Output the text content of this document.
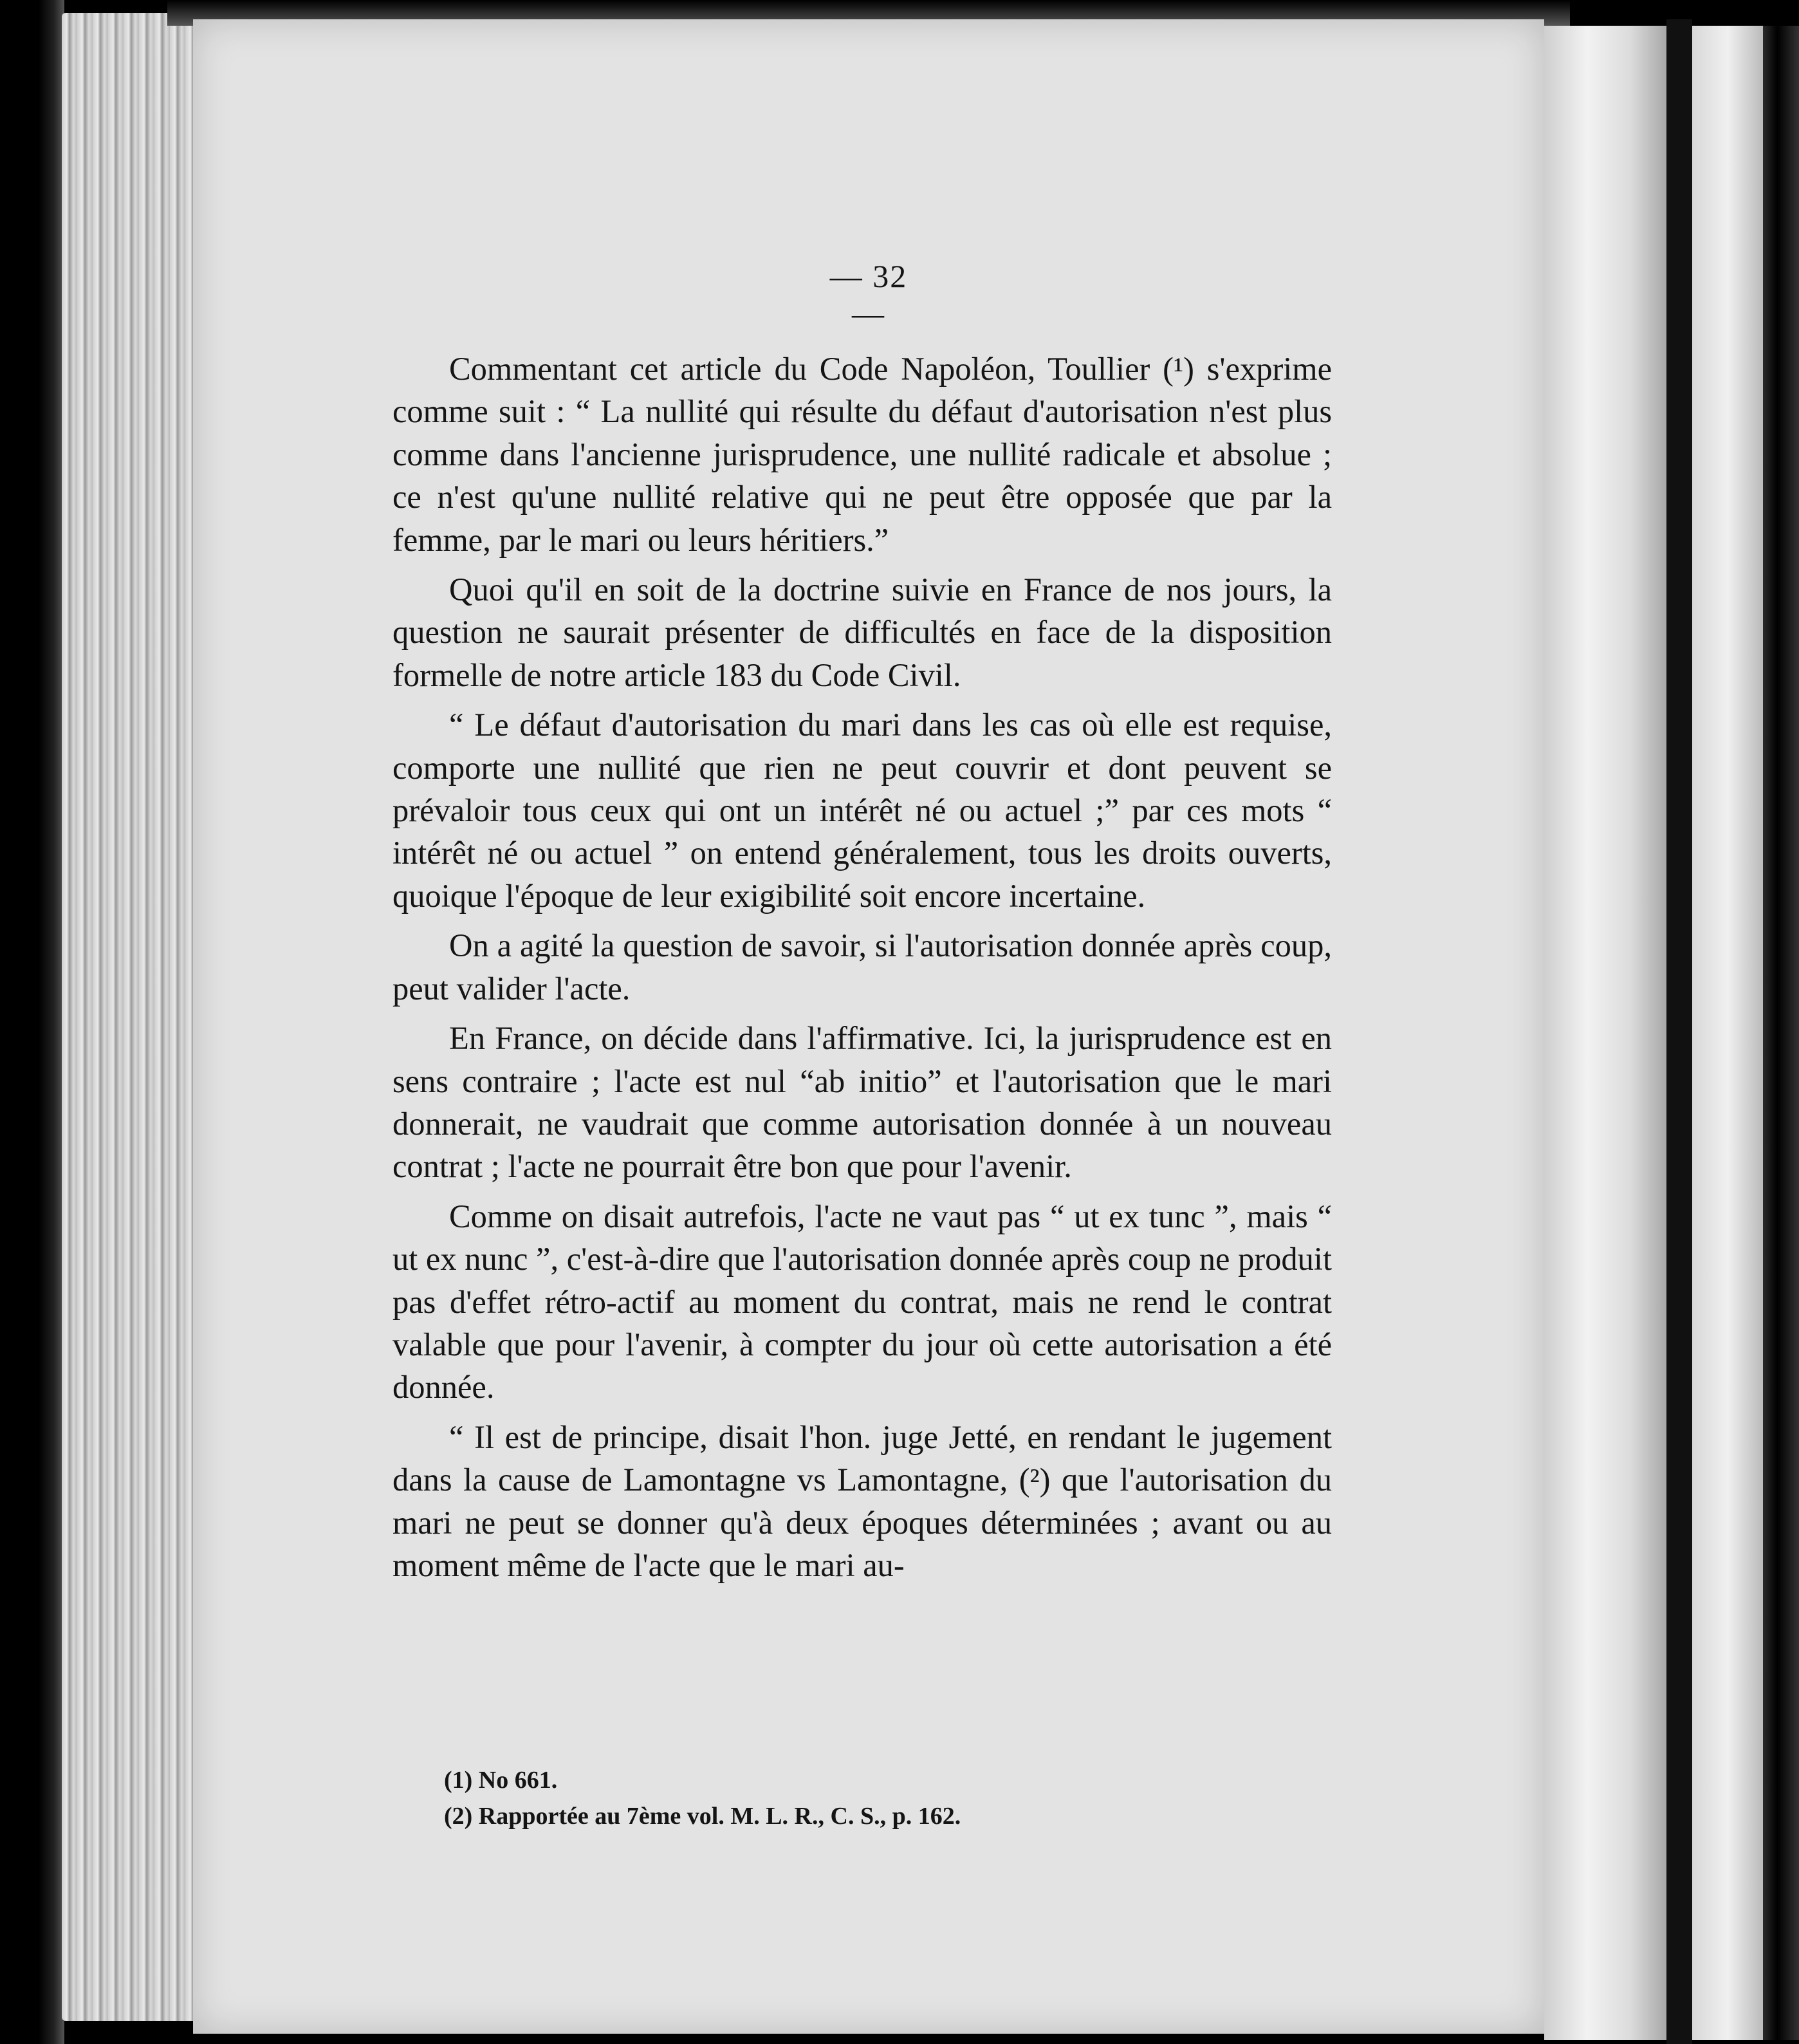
— 32 —

Commentant cet article du Code Napoléon, Toullier (¹) s'exprime comme suit : “ La nullité qui résulte du défaut d'autorisation n'est plus comme dans l'ancienne jurisprudence, une nullité radicale et absolue ; ce n'est qu'une nullité relative qui ne peut être opposée que par la femme, par le mari ou leurs héritiers.”

Quoi qu'il en soit de la doctrine suivie en France de nos jours, la question ne saurait présenter de difficultés en face de la disposition formelle de notre article 183 du Code Civil.

“ Le défaut d'autorisation du mari dans les cas où elle est requise, comporte une nullité que rien ne peut couvrir et dont peuvent se prévaloir tous ceux qui ont un intérêt né ou actuel ;” par ces mots “ intérêt né ou actuel ” on entend généralement, tous les droits ouverts, quoique l'époque de leur exigibilité soit encore incertaine.

On a agité la question de savoir, si l'autorisation donnée après coup, peut valider l'acte.

En France, on décide dans l'affirmative. Ici, la jurisprudence est en sens contraire ; l'acte est nul “ab initio” et l'autorisation que le mari donnerait, ne vaudrait que comme autorisation donnée à un nouveau contrat ; l'acte ne pourrait être bon que pour l'avenir.

Comme on disait autrefois, l'acte ne vaut pas “ ut ex tunc ”, mais “ ut ex nunc ”, c'est-à-dire que l'autorisation donnée après coup ne produit pas d'effet rétro-actif au moment du contrat, mais ne rend le contrat valable que pour l'avenir, à compter du jour où cette autorisation a été donnée.

“ Il est de principe, disait l'hon. juge Jetté, en rendant le jugement dans la cause de Lamontagne vs Lamontagne, (²) que l'autorisation du mari ne peut se donner qu'à deux époques déterminées ; avant ou au moment même de l'acte que le mari au-

(1) No 661.
(2) Rapportée au 7ème vol. M. L. R., C. S., p. 162.
